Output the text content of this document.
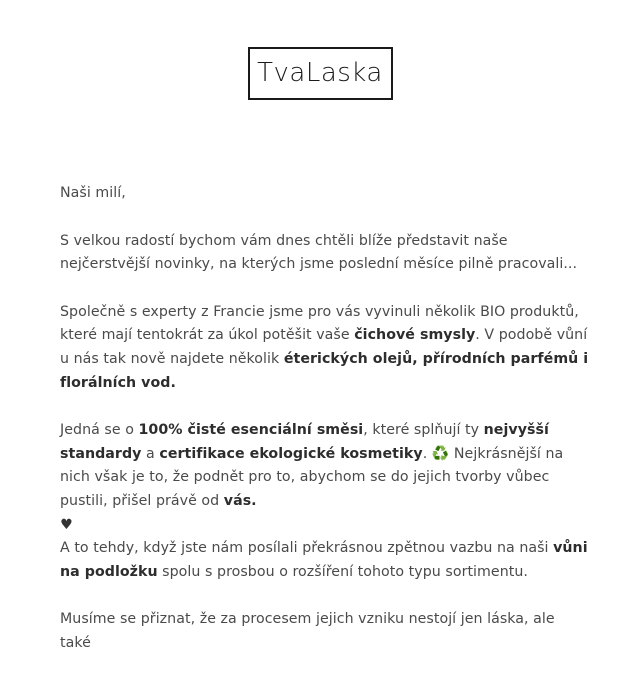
TvaLaska

Naši milí,

S velkou radostí bychom vám dnes chtěli blíže představit naše nejčerstvější novinky, na kterých jsme poslední měsíce pilně pracovali...

Společně s experty z Francie jsme pro vás vyvinuli několik BIO produktů, které mají tentokrát za úkol potěšit vaše čichové smysly. V podobě vůní u nás tak nově najdete několik éterických olejů, přírodních parfémů i florálních vod.

Jedná se o 100% čisté esenciální směsi, které splňují ty nejvyšší standardy a certifikace ekologické kosmetiky. ♻️ Nejkrásnější na nich však je to, že podnět pro to, abychom se do jejich tvorby vůbec pustili, přišel právě od vás.
♥
A to tehdy, když jste nám posílali překrásnou zpětnou vazbu na naši vůni na podložku spolu s prosbou o rozšíření tohoto typu sortimentu.

Musíme se přiznat, že za procesem jejich vzniku nestojí jen láska, ale také
